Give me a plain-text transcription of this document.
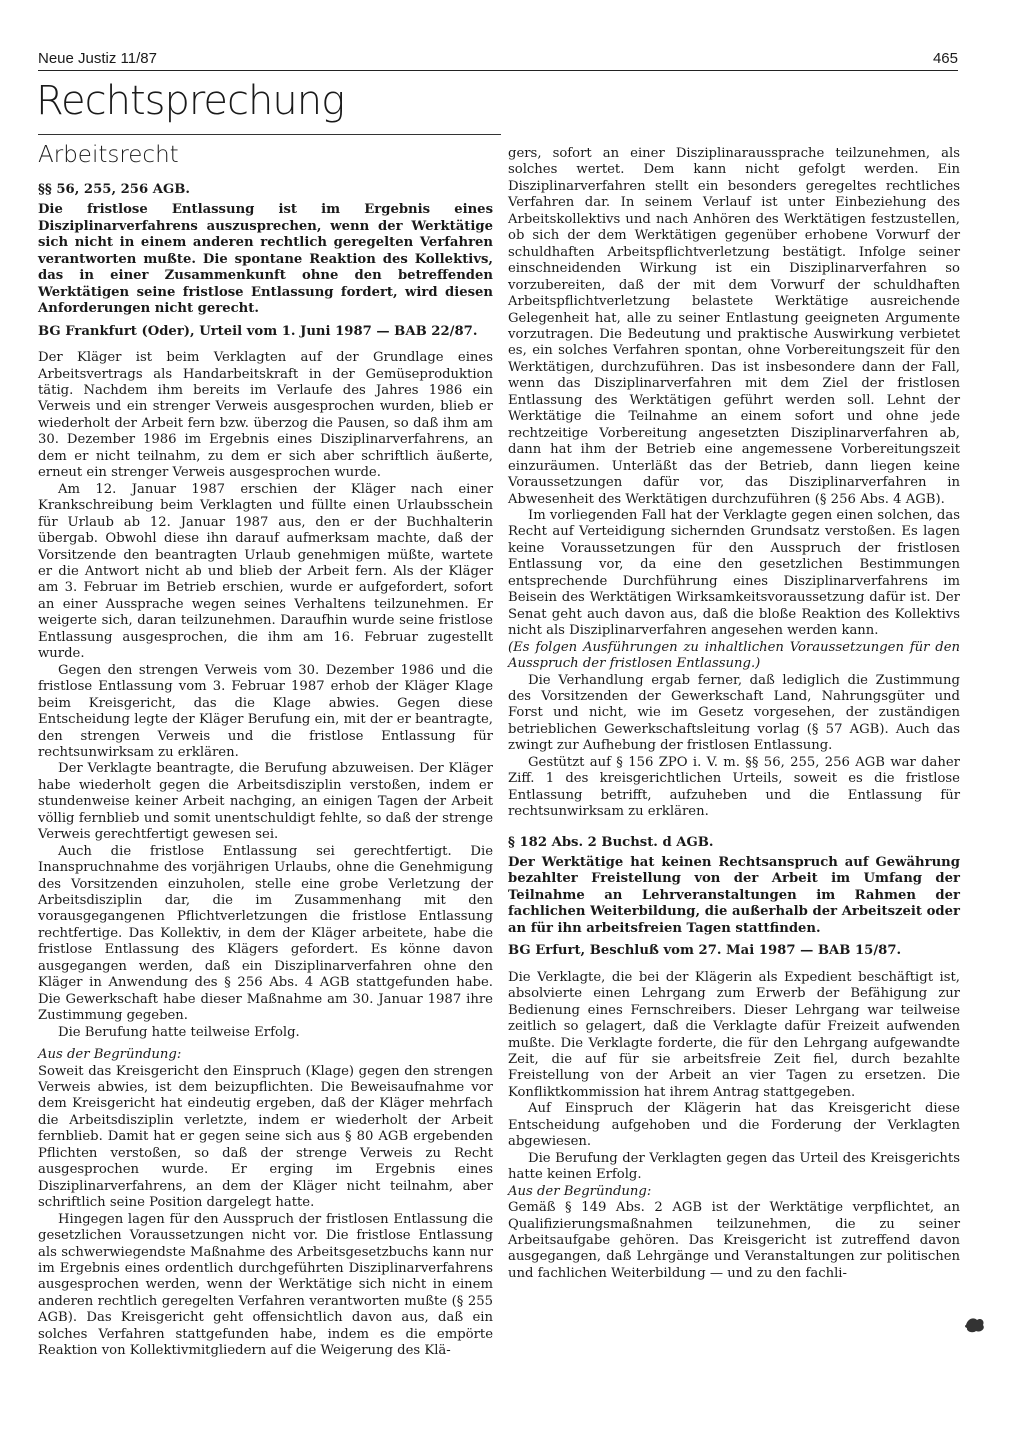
Neue Justiz 11/87	465
Rechtsprechung
Arbeitsrecht

§§ 56, 255, 256 AGB.

Die fristlose Entlassung ist im Ergebnis eines Disziplinarverfahrens auszusprechen, wenn der Werktätige sich nicht in einem anderen rechtlich geregelten Verfahren verantworten mußte. Die spontane Reaktion des Kollektivs, das in einer Zusammenkunft ohne den betreffenden Werktätigen seine fristlose Entlassung fordert, wird diesen Anforderungen nicht gerecht.

BG Frankfurt (Oder), Urteil vom 1. Juni 1987 — BAB 22/87.

Der Kläger ist beim Verklagten auf der Grundlage eines Arbeitsvertrags als Handarbeitskraft in der Gemüseproduktion tätig. Nachdem ihm bereits im Verlaufe des Jahres 1986 ein Verweis und ein strenger Verweis ausgesprochen wurden, blieb er wiederholt der Arbeit fern bzw. überzog die Pausen, so daß ihm am 30. Dezember 1986 im Ergebnis eines Disziplinarverfahrens, an dem er nicht teilnahm, zu dem er sich aber schriftlich äußerte, erneut ein strenger Verweis ausgesprochen wurde.

Am 12. Januar 1987 erschien der Kläger nach einer Krankschreibung beim Verklagten und füllte einen Urlaubsschein für Urlaub ab 12. Januar 1987 aus, den er der Buchhalterin übergab. Obwohl diese ihn darauf aufmerksam machte, daß der Vorsitzende den beantragten Urlaub genehmigen müßte, wartete er die Antwort nicht ab und blieb der Arbeit fern. Als der Kläger am 3. Februar im Betrieb erschien, wurde er aufgefordert, sofort an einer Aussprache wegen seines Verhaltens teilzunehmen. Er weigerte sich, daran teilzunehmen. Daraufhin wurde seine fristlose Entlassung ausgesprochen, die ihm am 16. Februar zugestellt wurde.

Gegen den strengen Verweis vom 30. Dezember 1986 und die fristlose Entlassung vom 3. Februar 1987 erhob der Kläger Klage beim Kreisgericht, das die Klage abwies. Gegen diese Entscheidung legte der Kläger Berufung ein, mit der er beantragte, den strengen Verweis und die fristlose Entlassung für rechtsunwirksam zu erklären.

Der Verklagte beantragte, die Berufung abzuweisen. Der Kläger habe wiederholt gegen die Arbeitsdisziplin verstoßen, indem er stundenweise keiner Arbeit nachging, an einigen Tagen der Arbeit völlig fernblieb und somit unentschuldigt fehlte, so daß der strenge Verweis gerechtfertigt gewesen sei.

Auch die fristlose Entlassung sei gerechtfertigt. Die Inanspruchnahme des vorjährigen Urlaubs, ohne die Genehmigung des Vorsitzenden einzuholen, stelle eine grobe Verletzung der Arbeitsdisziplin dar, die im Zusammenhang mit den vorausgegangenen Pflichtverletzungen die fristlose Entlassung rechtfertige. Das Kollektiv, in dem der Kläger arbeitete, habe die fristlose Entlassung des Klägers gefordert. Es könne davon ausgegangen werden, daß ein Disziplinarverfahren ohne den Kläger in Anwendung des § 256 Abs. 4 AGB stattgefunden habe. Die Gewerkschaft habe dieser Maßnahme am 30. Januar 1987 ihre Zustimmung gegeben.

Die Berufung hatte teilweise Erfolg.

Aus der Begründung:

Soweit das Kreisgericht den Einspruch (Klage) gegen den strengen Verweis abwies, ist dem beizupflichten. Die Beweisaufnahme vor dem Kreisgericht hat eindeutig ergeben, daß der Kläger mehrfach die Arbeitsdisziplin verletzte, indem er wiederholt der Arbeit fernblieb. Damit hat er gegen seine sich aus § 80 AGB ergebenden Pflichten verstoßen, so daß der strenge Verweis zu Recht ausgesprochen wurde. Er erging im Ergebnis eines Disziplinarverfahrens, an dem der Kläger nicht teilnahm, aber schriftlich seine Position dargelegt hatte.

Hingegen lagen für den Ausspruch der fristlosen Entlassung die gesetzlichen Voraussetzungen nicht vor. Die fristlose Entlassung als schwerwiegendste Maßnahme des Arbeitsgesetzbuchs kann nur im Ergebnis eines ordentlich durchgeführten Disziplinarverfahrens ausgesprochen werden, wenn der Werktätige sich nicht in einem anderen rechtlich geregelten Verfahren verantworten mußte (§ 255 AGB). Das Kreisgericht geht offensichtlich davon aus, daß ein solches Verfahren stattgefunden habe, indem es die empörte Reaktion von Kollektivmitgliedern auf die Weigerung des Klä-

gers, sofort an einer Disziplinaraussprache teilzunehmen, als solches wertet. Dem kann nicht gefolgt werden. Ein Disziplinarverfahren stellt ein besonders geregeltes rechtliches Verfahren dar. In seinem Verlauf ist unter Einbeziehung des Arbeitskollektivs und nach Anhören des Werktätigen festzustellen, ob sich der dem Werktätigen gegenüber erhobene Vorwurf der schuldhaften Arbeitspflichtverletzung bestätigt. Infolge seiner einschneidenden Wirkung ist ein Disziplinarverfahren so vorzubereiten, daß der mit dem Vorwurf der schuldhaften Arbeitspflichtverletzung belastete Werktätige ausreichende Gelegenheit hat, alle zu seiner Entlastung geeigneten Argumente vorzutragen. Die Bedeutung und praktische Auswirkung verbietet es, ein solches Verfahren spontan, ohne Vorbereitungszeit für den Werktätigen, durchzuführen. Das ist insbesondere dann der Fall, wenn das Disziplinarverfahren mit dem Ziel der fristlosen Entlassung des Werktätigen geführt werden soll. Lehnt der Werktätige die Teilnahme an einem sofort und ohne jede rechtzeitige Vorbereitung angesetzten Disziplinarverfahren ab, dann hat ihm der Betrieb eine angemessene Vorbereitungszeit einzuräumen. Unterläßt das der Betrieb, dann liegen keine Voraussetzungen dafür vor, das Disziplinarverfahren in Abwesenheit des Werktätigen durchzuführen (§ 256 Abs. 4 AGB).

Im vorliegenden Fall hat der Verklagte gegen einen solchen, das Recht auf Verteidigung sichernden Grundsatz verstoßen. Es lagen keine Voraussetzungen für den Ausspruch der fristlosen Entlassung vor, da eine den gesetzlichen Bestimmungen entsprechende Durchführung eines Disziplinarverfahrens im Beisein des Werktätigen Wirksamkeitsvoraussetzung dafür ist. Der Senat geht auch davon aus, daß die bloße Reaktion des Kollektivs nicht als Disziplinarverfahren angesehen werden kann.

(Es folgen Ausführungen zu inhaltlichen Voraussetzungen für den Ausspruch der fristlosen Entlassung.)

Die Verhandlung ergab ferner, daß lediglich die Zustimmung des Vorsitzenden der Gewerkschaft Land, Nahrungsgüter und Forst und nicht, wie im Gesetz vorgesehen, der zuständigen betrieblichen Gewerkschaftsleitung vorlag (§ 57 AGB). Auch das zwingt zur Aufhebung der fristlosen Entlassung.

Gestützt auf § 156 ZPO i. V. m. §§ 56, 255, 256 AGB war daher Ziff. 1 des kreisgerichtlichen Urteils, soweit es die fristlose Entlassung betrifft, aufzuheben und die Entlassung für rechtsunwirksam zu erklären.

§ 182 Abs. 2 Buchst. d AGB.

Der Werktätige hat keinen Rechtsanspruch auf Gewährung bezahlter Freistellung von der Arbeit im Umfang der Teilnahme an Lehrveranstaltungen im Rahmen der fachlichen Weiterbildung, die außerhalb der Arbeitszeit oder an für ihn arbeitsfreien Tagen stattfinden.

BG Erfurt, Beschluß vom 27. Mai 1987 — BAB 15/87.

Die Verklagte, die bei der Klägerin als Expedient beschäftigt ist, absolvierte einen Lehrgang zum Erwerb der Befähigung zur Bedienung eines Fernschreibers. Dieser Lehrgang war teilweise zeitlich so gelagert, daß die Verklagte dafür Freizeit aufwenden mußte. Die Verklagte forderte, die für den Lehrgang aufgewandte Zeit, die auf für sie arbeitsfreie Zeit fiel, durch bezahlte Freistellung von der Arbeit an vier Tagen zu ersetzen. Die Konfliktkommission hat ihrem Antrag stattgegeben.

Auf Einspruch der Klägerin hat das Kreisgericht diese Entscheidung aufgehoben und die Forderung der Verklagten abgewiesen.

Die Berufung der Verklagten gegen das Urteil des Kreisgerichts hatte keinen Erfolg.

Aus der Begründung:

Gemäß § 149 Abs. 2 AGB ist der Werktätige verpflichtet, an Qualifizierungsmaßnahmen teilzunehmen, die zu seiner Arbeitsaufgabe gehören. Das Kreisgericht ist zutreffend davon ausgegangen, daß Lehrgänge und Veranstaltungen zur politischen und fachlichen Weiterbildung — und zu den fachli-
